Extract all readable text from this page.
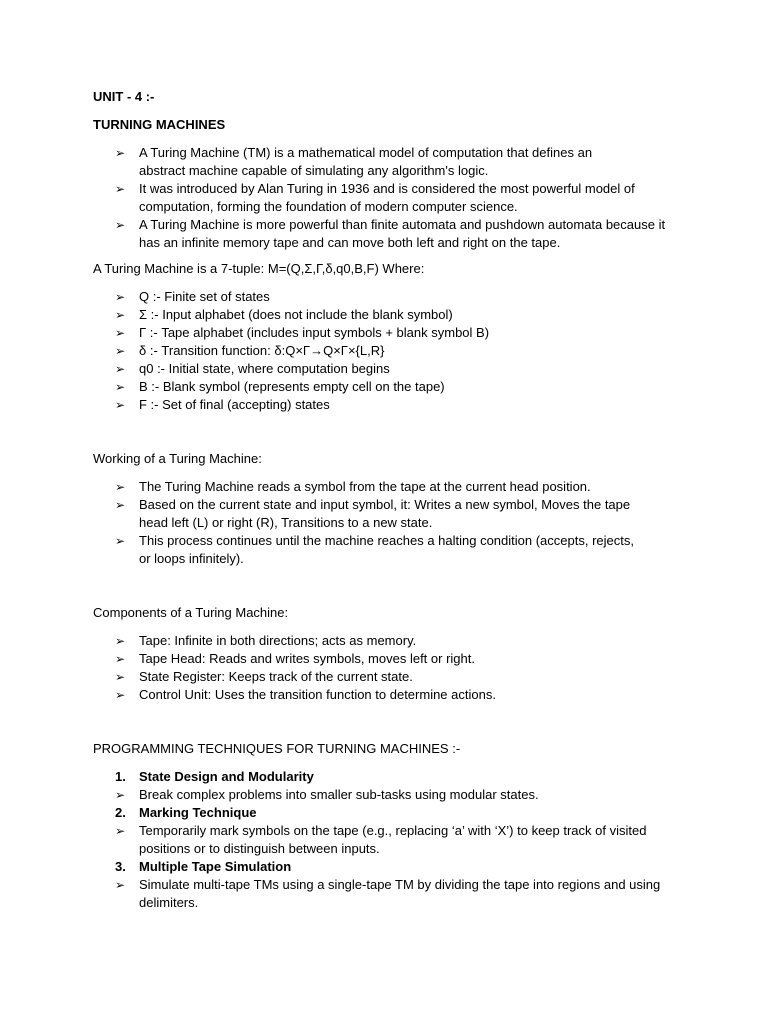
UNIT - 4 :-

TURNING MACHINES

➢ A Turing Machine (TM) is a mathematical model of computation that defines an abstract machine capable of simulating any algorithm's logic.
➢ It was introduced by Alan Turing in 1936 and is considered the most powerful model of computation, forming the foundation of modern computer science.
➢ A Turing Machine is more powerful than finite automata and pushdown automata because it has an infinite memory tape and can move both left and right on the tape.

A Turing Machine is a 7-tuple: M=(Q,Σ,Γ,δ,q0,B,F) Where:

➢ Q :- Finite set of states
➢ Σ :- Input alphabet (does not include the blank symbol)
➢ Γ :- Tape alphabet (includes input symbols + blank symbol B)
➢ δ :- Transition function: δ:Q×Γ→Q×Γ×{L,R}
➢ q0 :- Initial state, where computation begins
➢ B :- Blank symbol (represents empty cell on the tape)
➢ F :- Set of final (accepting) states

Working of a Turing Machine:

➢ The Turing Machine reads a symbol from the tape at the current head position.
➢ Based on the current state and input symbol, it: Writes a new symbol, Moves the tape head left (L) or right (R), Transitions to a new state.
➢ This process continues until the machine reaches a halting condition (accepts, rejects, or loops infinitely).

Components of a Turing Machine:

➢ Tape: Infinite in both directions; acts as memory.
➢ Tape Head: Reads and writes symbols, moves left or right.
➢ State Register: Keeps track of the current state.
➢ Control Unit: Uses the transition function to determine actions.

PROGRAMMING TECHNIQUES FOR TURNING MACHINES :-

1. State Design and Modularity
➢ Break complex problems into smaller sub-tasks using modular states.
2. Marking Technique
➢ Temporarily mark symbols on the tape (e.g., replacing ‘a’ with ‘X’) to keep track of visited positions or to distinguish between inputs.
3. Multiple Tape Simulation
➢ Simulate multi-tape TMs using a single-tape TM by dividing the tape into regions and using delimiters.
